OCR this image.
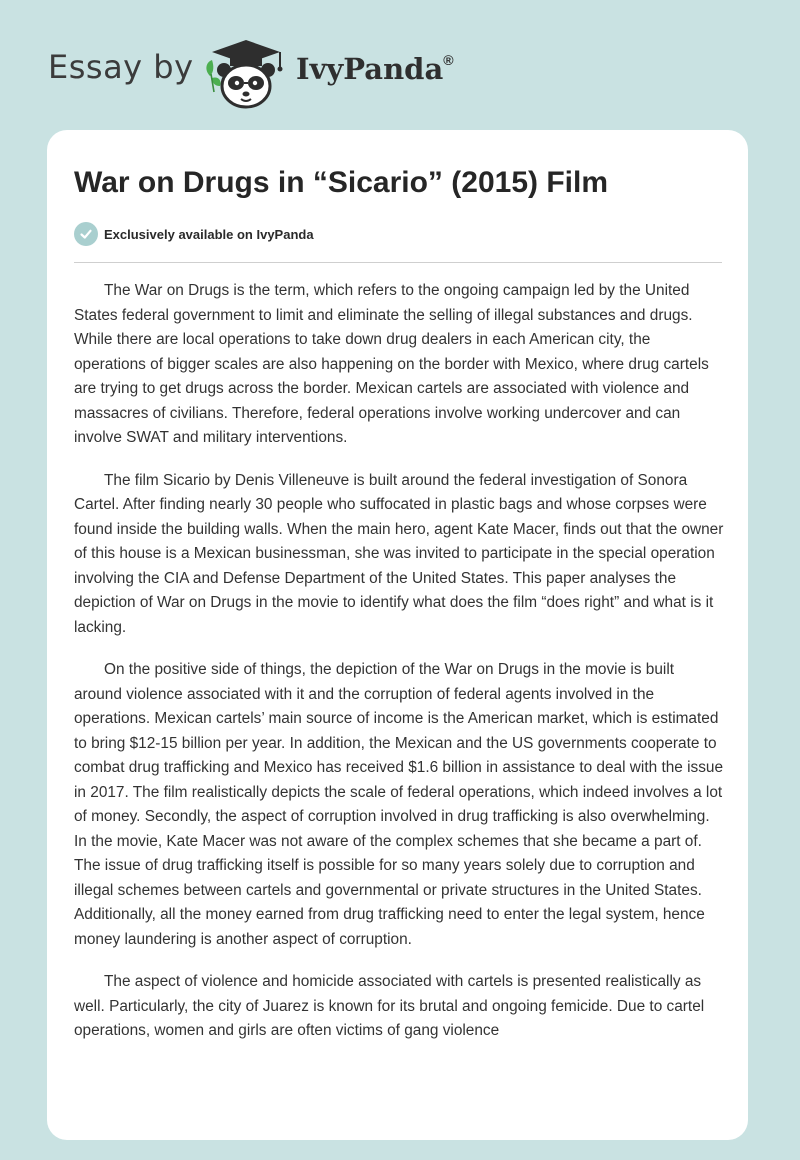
Essay by	IvyPanda®
War on Drugs in “Sicario” (2015) Film
Exclusively available on IvyPanda

The War on Drugs is the term, which refers to the ongoing campaign led by the United States federal government to limit and eliminate the selling of illegal substances and drugs. While there are local operations to take down drug dealers in each American city, the operations of bigger scales are also happening on the border with Mexico, where drug cartels are trying to get drugs across the border. Mexican cartels are associated with violence and massacres of civilians. Therefore, federal operations involve working undercover and can involve SWAT and military interventions.

The film Sicario by Denis Villeneuve is built around the federal investigation of Sonora Cartel. After finding nearly 30 people who suffocated in plastic bags and whose corpses were found inside the building walls. When the main hero, agent Kate Macer, finds out that the owner of this house is a Mexican businessman, she was invited to participate in the special operation involving the CIA and Defense Department of the United States. This paper analyses the depiction of War on Drugs in the movie to identify what does the film “does right” and what is it lacking.

On the positive side of things, the depiction of the War on Drugs in the movie is built around violence associated with it and the corruption of federal agents involved in the operations. Mexican cartels’ main source of income is the American market, which is estimated to bring $12-15 billion per year. In addition, the Mexican and the US governments cooperate to combat drug trafficking and Mexico has received $1.6 billion in assistance to deal with the issue in 2017. The film realistically depicts the scale of federal operations, which indeed involves a lot of money. Secondly, the aspect of corruption involved in drug trafficking is also overwhelming. In the movie, Kate Macer was not aware of the complex schemes that she became a part of. The issue of drug trafficking itself is possible for so many years solely due to corruption and illegal schemes between cartels and governmental or private structures in the United States. Additionally, all the money earned from drug trafficking need to enter the legal system, hence money laundering is another aspect of corruption.

The aspect of violence and homicide associated with cartels is presented realistically as well. Particularly, the city of Juarez is known for its brutal and ongoing femicide. Due to cartel operations, women and girls are often victims of gang violence
